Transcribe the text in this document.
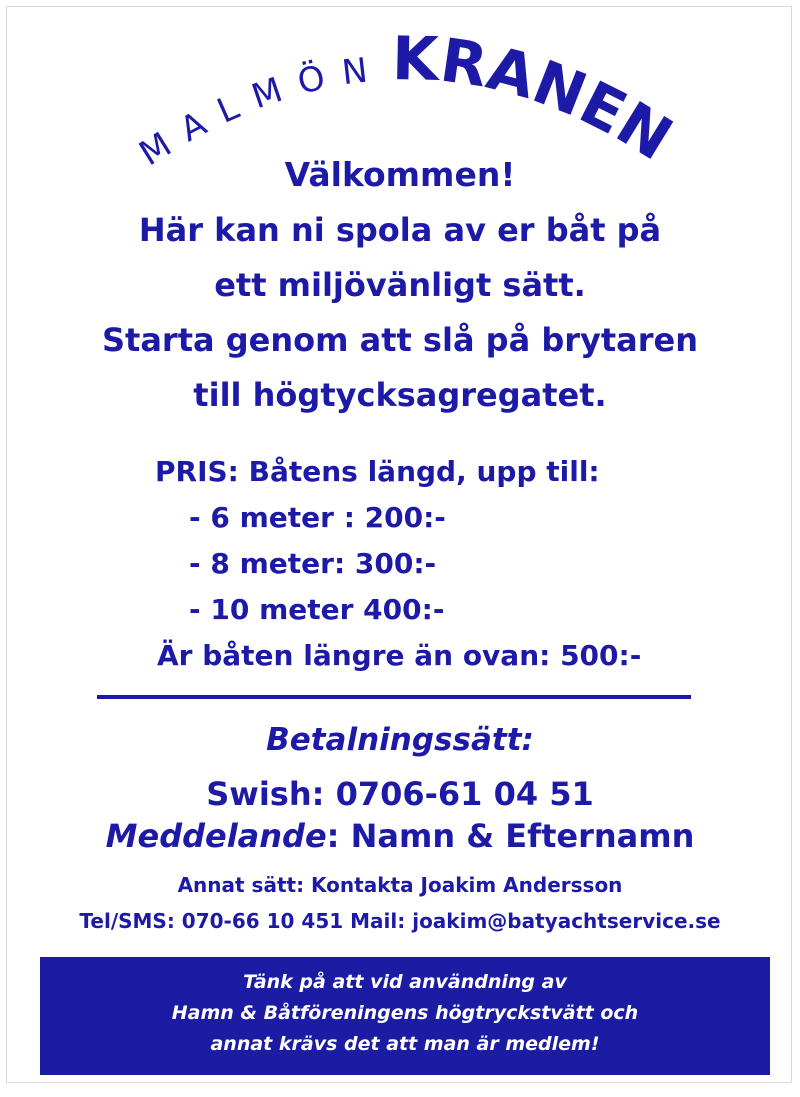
MALMÖNKRANEN
Välkommen!
Här kan ni spola av er båt på
ett miljövänligt sätt.
Starta genom att slå på brytaren
till högtycksagregatet.
PRIS: Båtens längd, upp till:
- 6 meter : 200:-
- 8 meter: 300:-
- 10 meter 400:-
Är båten längre än ovan: 500:-
Betalningssätt:
Swish: 0706-61 04 51
Meddelande: Namn & Efternamn
Annat sätt: Kontakta Joakim Andersson
Tel/SMS: 070-66 10 451 Mail: joakim@batyachtservice.se
Tänk på att vid användning av
Hamn & Båtföreningens högtryckstvätt och
annat krävs det att man är medlem!
